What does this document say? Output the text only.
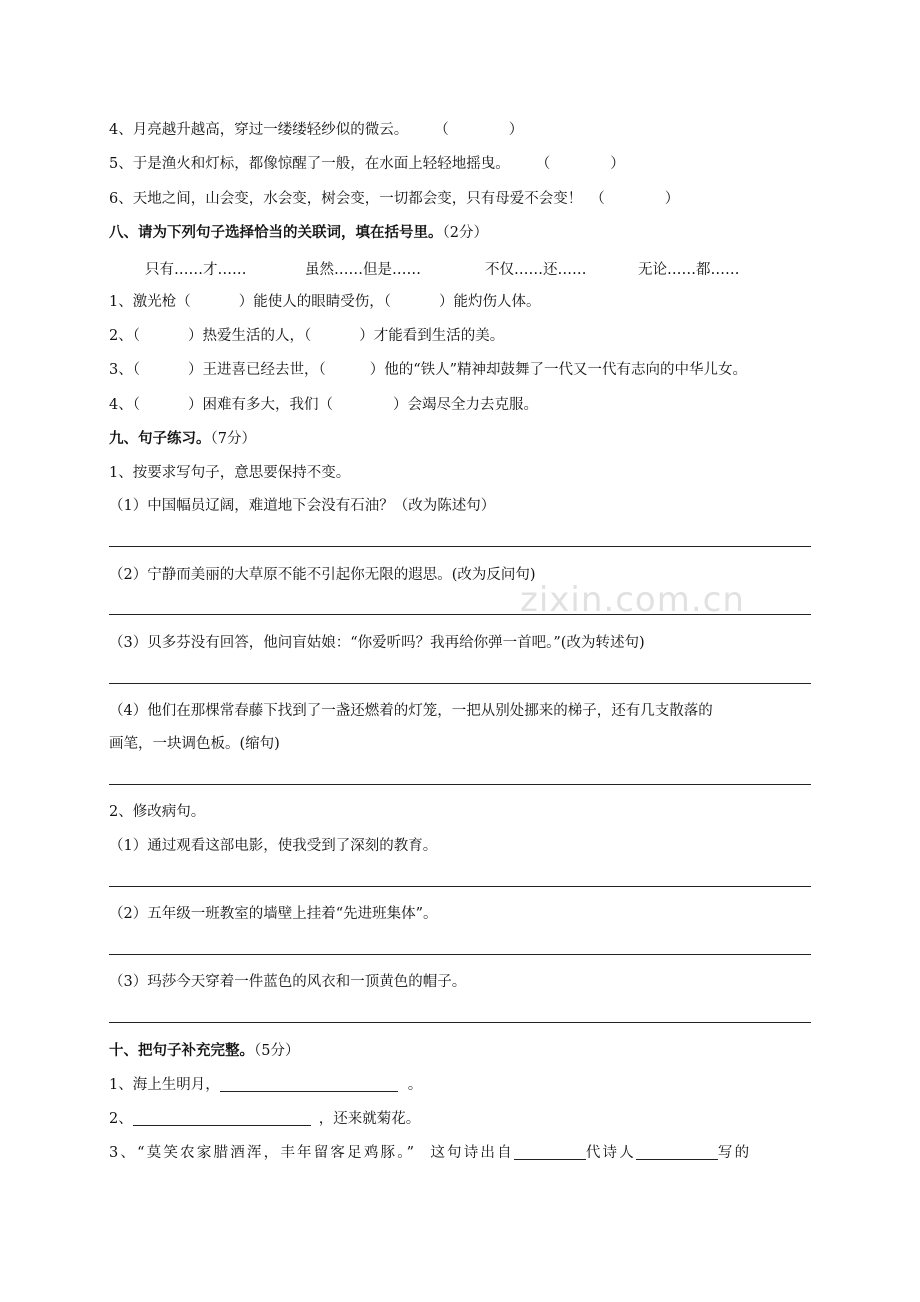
4、月亮越升越高，穿过一缕缕轻纱似的微云。 （	）
5、于是渔火和灯标，都像惊醒了一般，在水面上轻轻地摇曳。 （	）
6、天地之间，山会变，水会变，树会变，一切都会变，只有母爱不会变！ （	）
八、请为下列句子选择恰当的关联词，填在括号里。（2分）
只有……才……	虽然……但是……	不仅……还……	无论……都……
1、激光枪（	）能使人的眼睛受伤，（	）能灼伤人体。
2、（	）热爱生活的人，（	）才能看到生活的美。
3、（	）王进喜已经去世，（	）他的“铁人”精神却鼓舞了一代又一代有志向的中华儿女。
4、（	）困难有多大，我们（	）会竭尽全力去克服。
九、句子练习。（7分）
1、按要求写句子，意思要保持不变。
（1）中国幅员辽阔，难道地下会没有石油？（改为陈述句）
（2）宁静而美丽的大草原不能不引起你无限的遐思。(改为反问句)
（3）贝多芬没有回答，他问盲姑娘：“你爱听吗？我再给你弹一首吧。”(改为转述句)
（4）他们在那棵常春藤下找到了一盏还燃着的灯笼，一把从别处挪来的梯子，还有几支散落的
画笔，一块调色板。(缩句)
2、修改病句。
（1）通过观看这部电影，使我受到了深刻的教育。
（2）五年级一班教室的墙壁上挂着“先进班集体”。
（3）玛莎今天穿着一件蓝色的风衣和一顶黄色的帽子。
十、把句子补充完整。（5分）
1、海上生明月，	。
2、	，还来就菊花。
3、“莫笑农家腊酒浑，丰年留客足鸡豚。” 这句诗出自	代诗人	写的
zixin.com.cn
